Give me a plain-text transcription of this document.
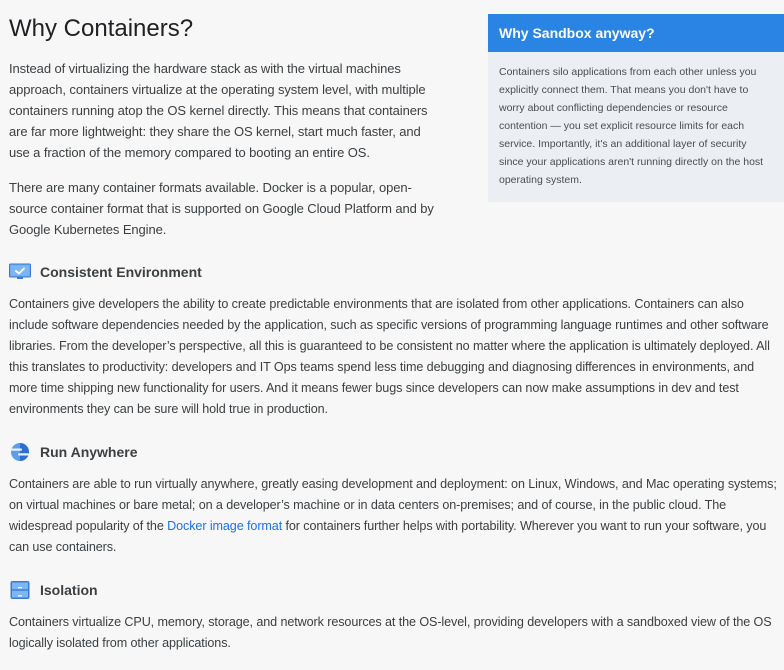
Why Containers?

Instead of virtualizing the hardware stack as with the virtual machines approach, containers virtualize at the operating system level, with multiple containers running atop the OS kernel directly. This means that containers are far more lightweight: they share the OS kernel, start much faster, and use a fraction of the memory compared to booting an entire OS.

There are many container formats available. Docker is a popular, open-source container format that is supported on Google Cloud Platform and by Google Kubernetes Engine.

Why Sandbox anyway?
Containers silo applications from each other unless you explicitly connect them. That means you don't have to worry about conflicting dependencies or resource contention — you set explicit resource limits for each service. Importantly, it's an additional layer of security since your applications aren't running directly on the host operating system.
Consistent Environment

Containers give developers the ability to create predictable environments that are isolated from other applications. Containers can also include software dependencies needed by the application, such as specific versions of programming language runtimes and other software libraries. From the developer’s perspective, all this is guaranteed to be consistent no matter where the application is ultimately deployed. All this translates to productivity: developers and IT Ops teams spend less time debugging and diagnosing differences in environments, and more time shipping new functionality for users. And it means fewer bugs since developers can now make assumptions in dev and test environments they can be sure will hold true in production.

Run Anywhere

Containers are able to run virtually anywhere, greatly easing development and deployment: on Linux, Windows, and Mac operating systems; on virtual machines or bare metal; on a developer’s machine or in data centers on-premises; and of course, in the public cloud. The widespread popularity of the Docker image format for containers further helps with portability. Wherever you want to run your software, you can use containers.

Isolation

Containers virtualize CPU, memory, storage, and network resources at the OS-level, providing developers with a sandboxed view of the OS logically isolated from other applications.
